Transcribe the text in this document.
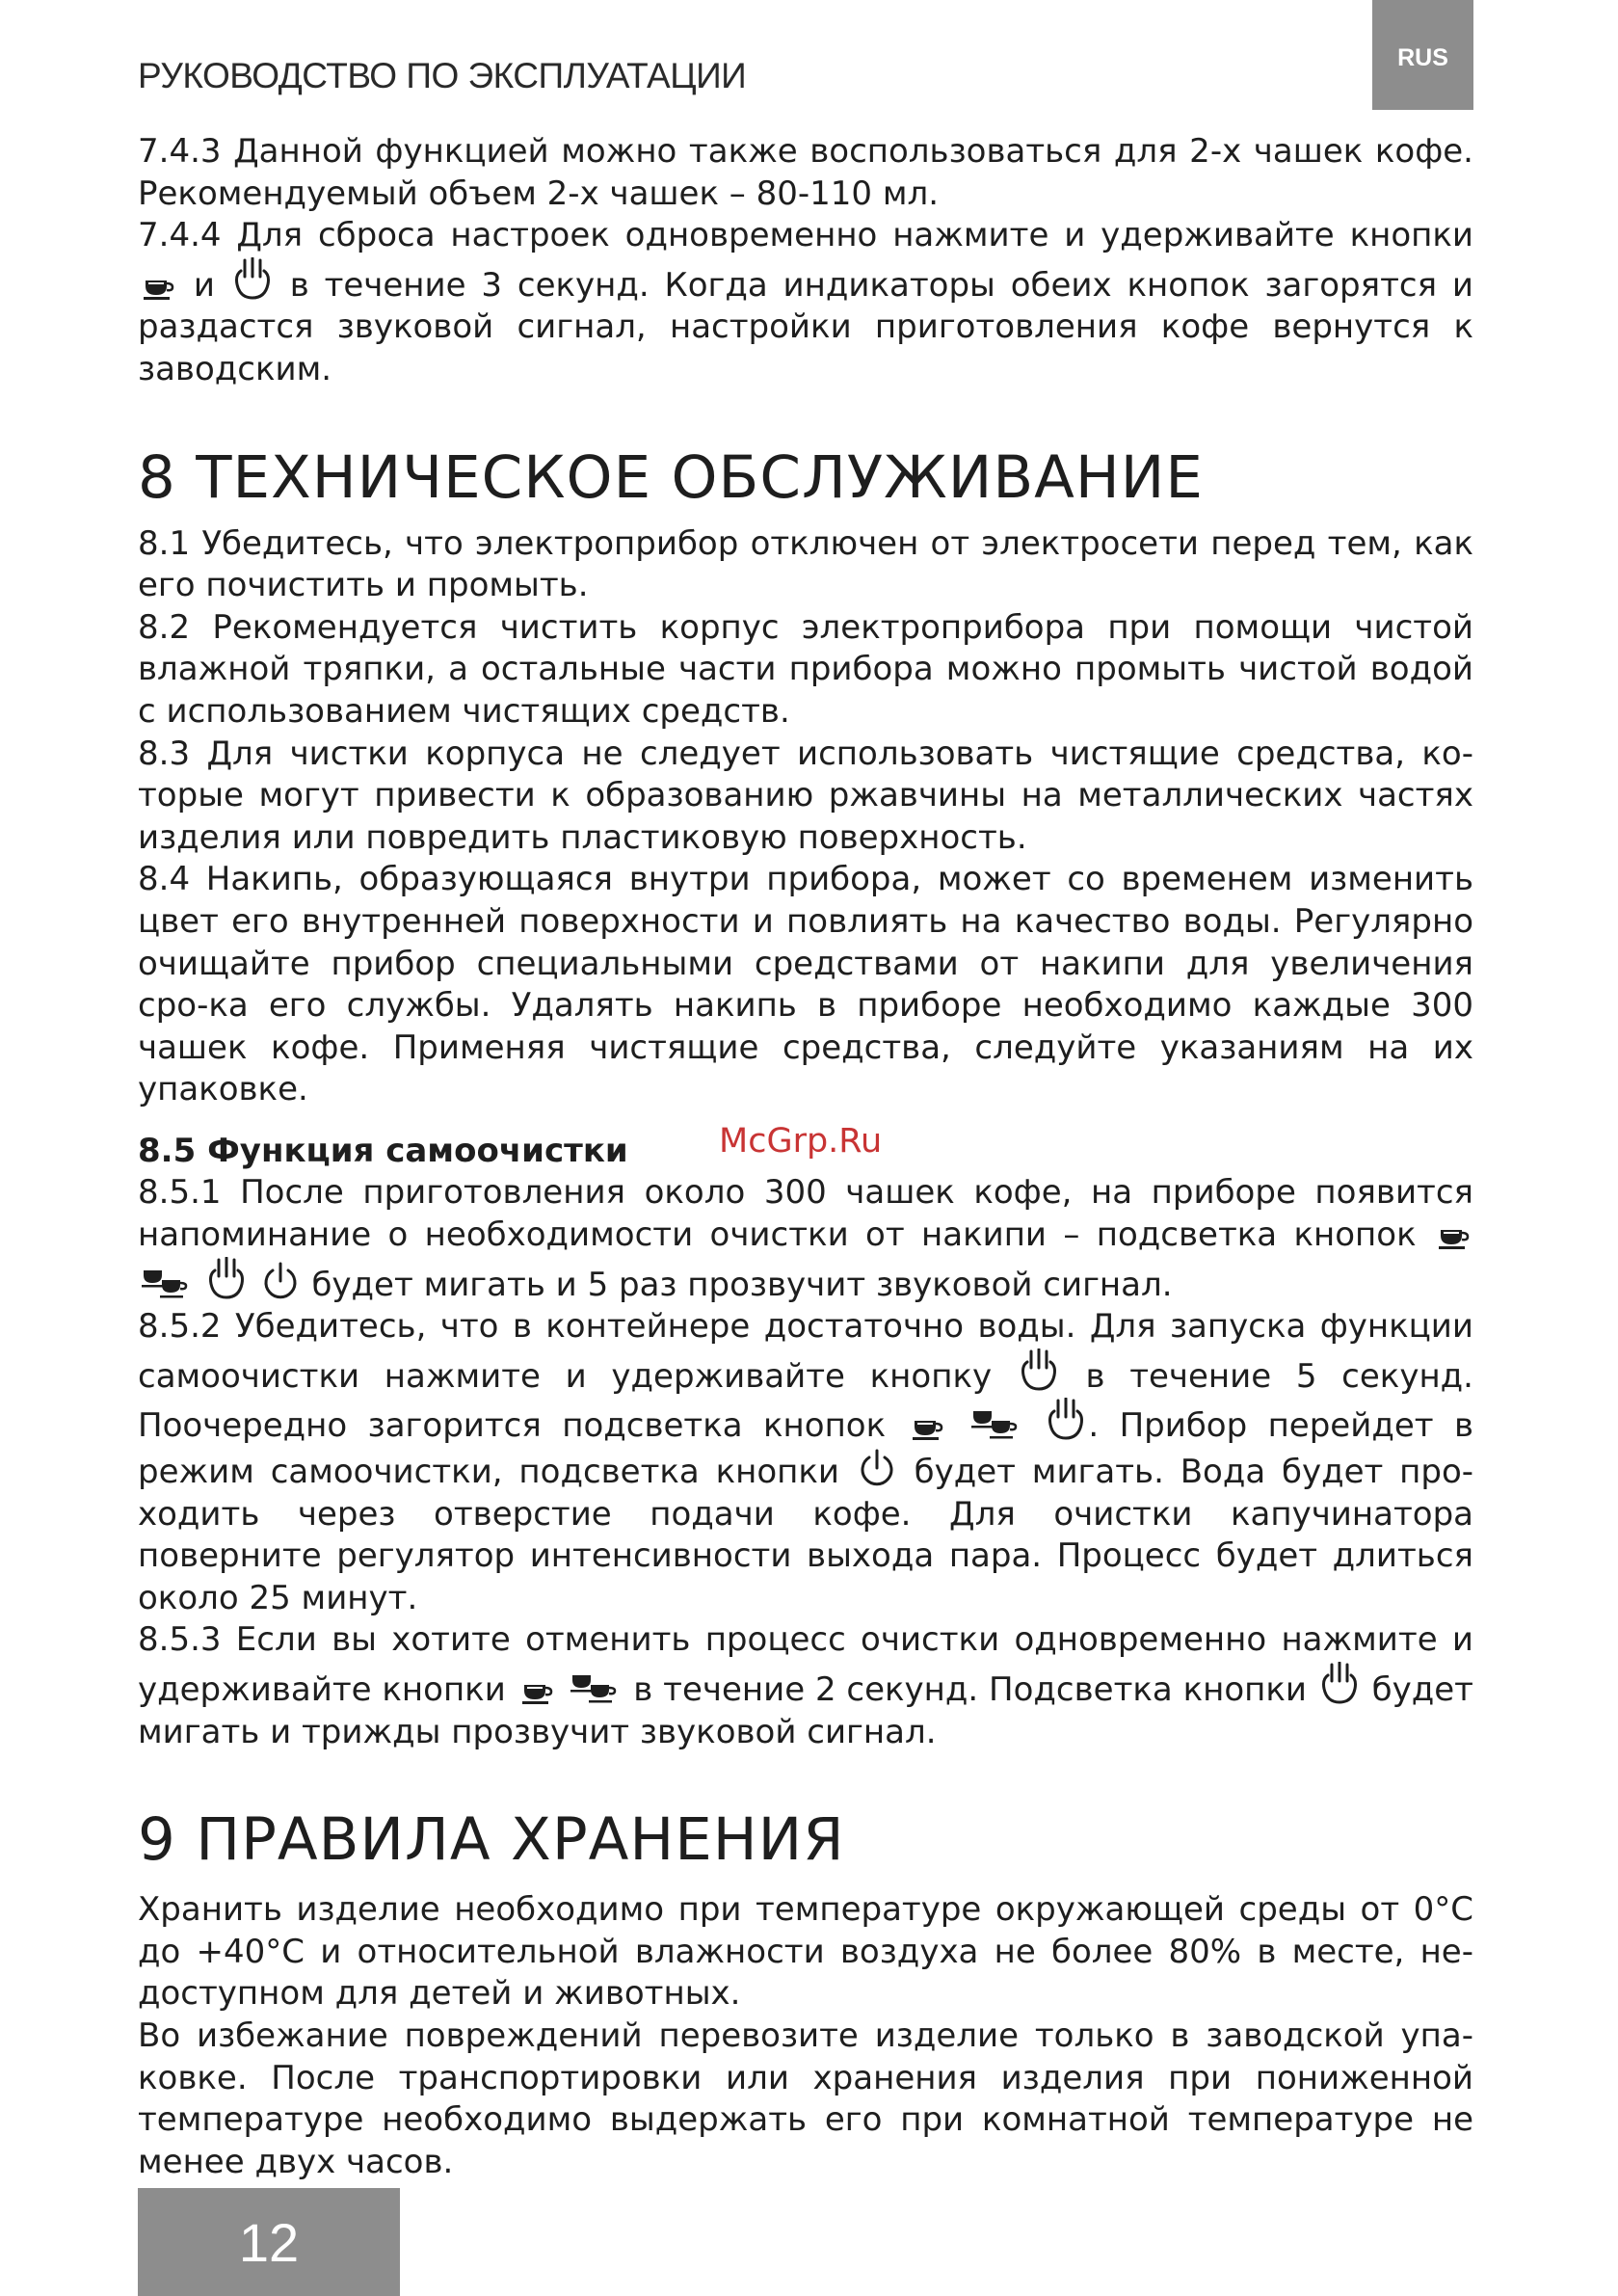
РУКОВОДСТВО ПО ЭКСПЛУАТАЦИИ	RUS

7.4.3 Данной функцией можно также воспользоваться для 2-х чашек кофе. Рекомендуемый объем 2-х чашек – 80-110 мл.

7.4.4 Для сброса настроек одновременно нажмите и удерживайте кнопки
и в течение 3 секунд. Когда индикаторы обеих кнопок загорятся и раздастся звуковой сигнал, настройки приготовления кофе вернутся к заводским.

8 ТЕХНИЧЕСКОЕ ОБСЛУЖИВАНИЕ

8.1 Убедитесь, что электроприбор отключен от электросети перед тем, как его почистить и промыть.

8.2 Рекомендуется чистить корпус электроприбора при помощи чистой влажной тряпки, а остальные части прибора можно промыть чистой водой с использованием чистящих средств.

8.3 Для чистки корпуса не следует использовать чистящие средства, ко-торые могут привести к образованию ржавчины на металлических частях изделия или повредить пластиковую поверхность.

8.4 Накипь, образующаяся внутри прибора, может со временем изменить цвет его внутренней поверхности и повлиять на качество воды. Регулярно очищайте прибор специальными средствами от накипи для увеличения сро-ка его службы. Удалять накипь в приборе необходимо каждые 300 чашек кофе. Применяя чистящие средства, следуйте указаниям на их упаковке.

8.5 Функция самоочистки

8.5.1 После приготовления около 300 чашек кофе, на приборе появится напоминание о необходимости очистки от накипи – подсветка кнопок

будет мигать и 5 раз прозвучит звуковой сигнал.

8.5.2 Убедитесь, что в контейнере достаточно воды. Для запуска функции самоочистки нажмите и удерживайте кнопку	в течение 5 секунд. Поочередно загорится подсветка кнопок

	. Прибор перейдет в режим самоочистки, подсветка кнопки будет мигать. Вода будет про-ходить через отверстие подачи кофе. Для очистки капучинатора поверните регулятор интенсивности выхода пара. Процесс будет длиться около 25 минут.

8.5.3 Если вы хотите отменить процесс очистки одновременно нажмите и удерживайте кнопки
	в течение 2 секунд. Подсветка кнопки будет мигать и трижды прозвучит звуковой сигнал.

9 ПРАВИЛА ХРАНЕНИЯ

Хранить изделие необходимо при температуре окружающей среды от 0°С до +40°С и относительной влажности воздуха не более 80% в месте, не-доступном для детей и животных.

Во избежание повреждений перевозите изделие только в заводской упа-ковке. После транспортировки или хранения изделия при пониженной температуре необходимо выдержать его при комнатной температуре не менее двух часов.

McGrp.Ru
12
